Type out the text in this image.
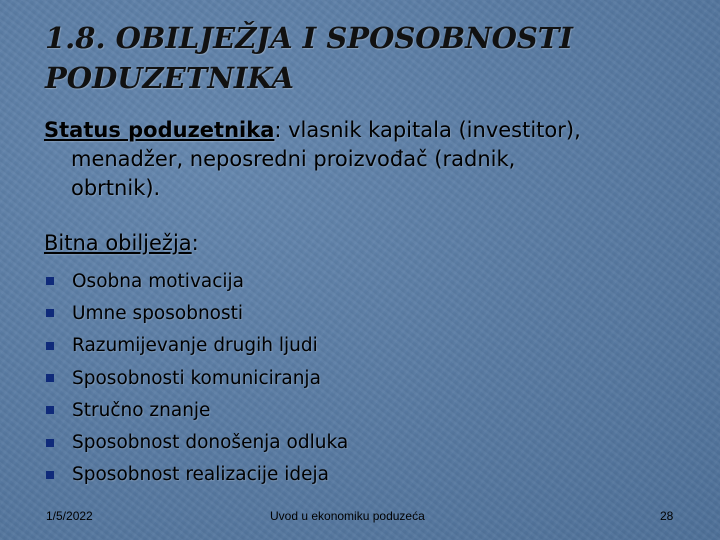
1.8. OBILJEŽJA I SPOSOBNOSTI
PODUZETNIKA
Status poduzetnika: vlasnik kapitala (investitor),
menadžer, neposredni proizvođač (radnik,
obrtnik).
Bitna obilježja:
Osobna motivacija
Umne sposobnosti
Razumijevanje drugih ljudi
Sposobnosti komuniciranja
Stručno znanje
Sposobnost donošenja odluka
Sposobnost realizacije ideja
1/5/2022	Uvod u ekonomiku poduzeća	28
